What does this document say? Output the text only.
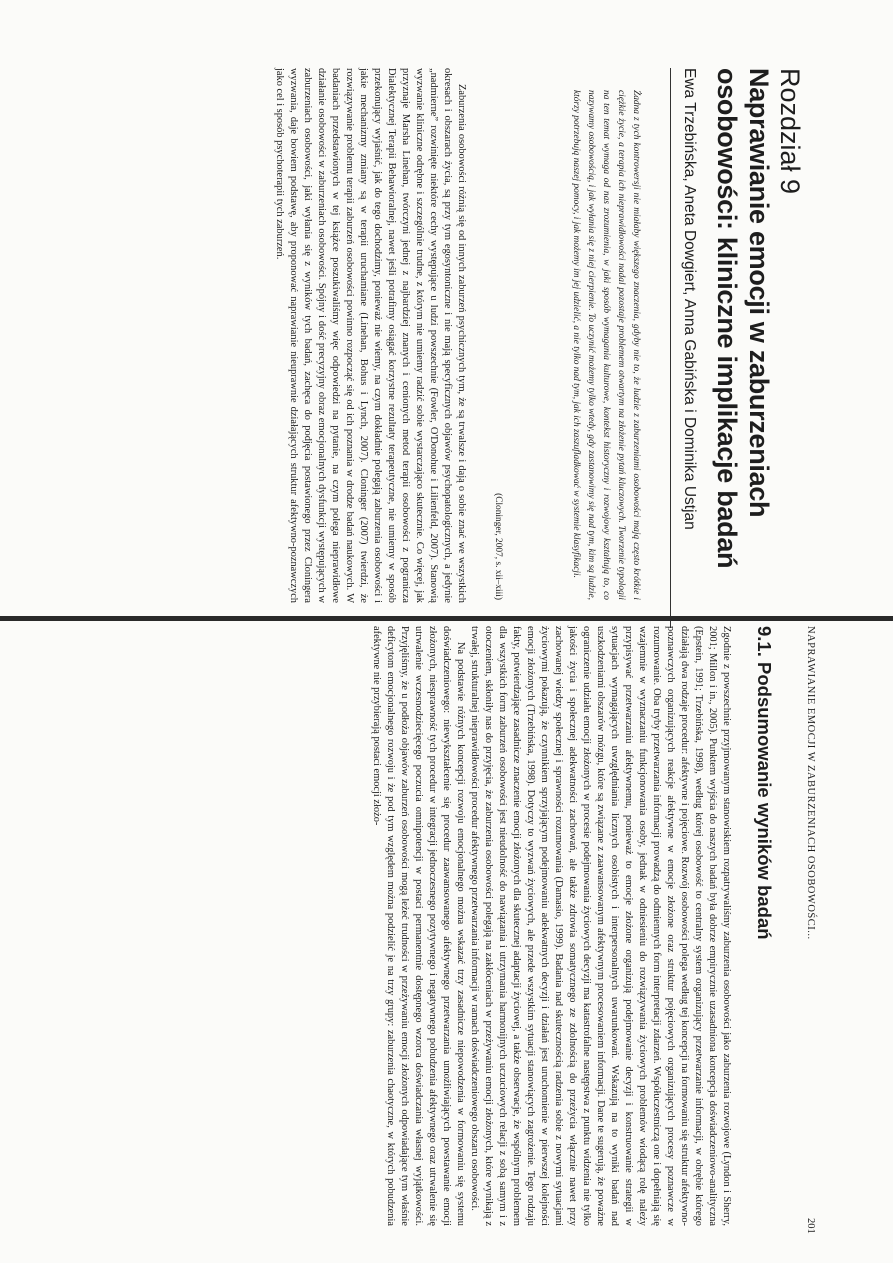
Rozdział 9
Naprawianie emocji w zaburzeniach osobowości: kliniczne implikacje badań

Ewa Trzebińska, Aneta Dowgiert, Anna Gabińska i Dominika Ustjan

Żadna z tych kontrowersji nie miałaby większego znaczenia, gdyby nie to, że ludzie z zaburzeniami osobowości mają często krótkie i ciężkie życie, a terapia ich nieprawidłowości nadal pozostaje problemem otwartym na złożenie pytań kluczowych. Tworzenie typologii na ten temat wymaga od nas zrozumienia, w jaki sposób wymagania kulturowe, kontekst historyczny i rozwojowy kształtują to, co nazywamy osobowością, i jak wyłania się z niej cierpienie. To uczynić możemy tylko wtedy, gdy zastanowimy się nad tym, kim są ludzie, którzy potrzebują naszej pomocy, i jak możemy im jej udzielić, a nie tylko nad tym, jak ich zaszufladkować w systemie klasyfikacji.

(Cloninger, 2007, s. xii–xiii)

Zaburzenia osobowości różnią się od innych zaburzeń psychicznych tym, że są trwalsze i dają o sobie znać we wszystkich okresach i obszarach życia, są przy tym egosyntoniczne i nie mają specyficznych objawów psychopatologicznych, a jedynie „nadmierne” rozwinięte niektóre cechy występujące u ludzi powszechnie (Fowler, O'Donohue i Lilienfeld, 2007). Stanowią wyzwanie kliniczne odrębne i szczególnie trudne, z którym nie umiemy radzić sobie wystarczająco skutecznie. Co więcej, jak przyznaje Marsha Linehan, twórczyni jednej z najbardziej znanych i cenionych metod terapii osobowości z pogranicza Dialektycznej Terapii Behawioralnej, nawet jeśli potrafimy osiągać korzystne rezultaty terapeutyczne, nie umiemy w sposób przekonujący wyjaśnić, jak do tego dochodzimy, ponieważ nie wiemy, na czym dokładnie polegają zaburzenia osobowości i jakie mechanizmy zmiany są w terapii uruchamiane (Linehan, Bohus i Lynch, 2007). Cloninger (2007) twierdzi, że rozwiązywanie problemu terapii zaburzeń osobowości powinno rozpocząć się od ich poznania w drodze badań naukowych. W badaniach przedstawionych w tej książce poszukiwaliśmy więc odpowiedzi na pytanie, na czym polega nieprawidłowe działanie osobowości w zaburzeniach osobowości. Spójny i dość precyzyjny obraz emocjonalnych dysfunkcji występujących w zaburzeniach osobowości, jaki wyłania się z wyników tych badań, zachęca do podjęcia postawionego przez Cloningera wyzwania, daje bowiem podstawę, aby proponować naprawianie nieuprawnie działających struktur afektywno-poznawczych jako cel i sposób psychoterapii tych zaburzeń.

NAPRAWIANIE EMOCJI W ZABURZENIACH OSOBOWOŚCI...

201

9.1. Podsumowanie wyników badań

Zgodnie z powszechnie przyjmowanym stanowiskiem rozpatrywaliśmy zaburzenia osobowości jako zaburzenia rozwojowe (Lyndon i Sherry, 2001; Millon i in., 2005). Punktem wyjścia do naszych badań była dobrze empirycznie uzasadniona koncepcja doświadczeniowo-analityczna (Epstein, 1991; Trzebińska, 1998), według której osobowość to centralny system organizujący przetwarzanie informacji, w obrębie którego działają dwa rodzaje procedur: afektywne i pojęciowe. Rozwój osobowości polega według tej koncepcji na formowaniu się struktur afektywno-poznawczych organizujących reakcje afektywne w emocje złożone oraz struktur pojęciowych organizujących procesy poznawcze w rozumowanie. Oba tryby przetwarzania informacji prowadzą do odmiennych form interpretacji zdarzeń. Współuczestniczą one i dopełniają się wzajemnie w wyznaczaniu funkcjonowania osoby, jednak w odniesieniu do rozwiązywania życiowych problemów wiodącą rolę należy przypisywać przetwarzaniu afektywnemu, ponieważ to emocje złożone organizują podejmowanie decyzji i konstruowanie strategii w sytuacjach wymagających uwzględniania licznych osobistych i interpersonalnych uwarunkowań. Wskazują na to wyniki badań nad uszkodzeniami obszarów mózgu, które są związane z zaawansowanym afektywnym procesowaniem informacji. Dane te sugerują, że poważne ograniczenie udziału emocji złożonych w procesie podejmowania życiowych decyzji ma katastrofalne następstwa z punktu widzenia nie tylko jakości życia i społecznej adekwatności zachowań, ale także zdrowia somatycznego ze zdolnością do przeżycia włącznie nawet przy zachowanej wiedzy społecznej i sprawności rozumowania (Damasio, 1999). Badania nad skutecznością radzenia sobie z nowymi sytuacjami życiowymi pokazują, że czynnikiem sprzyjającym podejmowaniu adekwatnych decyzji i działań jest uruchomienie w pierwszej kolejności emocji złożonych (Trzebińska, 1998). Dotyczy to wyzwań życiowych, ale przede wszystkim sytuacji stanowiących zagrożenie. Tego rodzaju fakty, potwierdzające zasadnicze znaczenie emocji złożonych dla skutecznej adaptacji życiowej, a także obserwacje, że wspólnym problemem dla wszystkich form zaburzeń osobowości jest nieudolność do nawiązania i utrzymania harmonijnych uczuciowych relacji z sobą samym i z otoczeniem, skłoniły nas do przyjęcia, że zaburzenia osobowości polegają na zakłóceniach w przeżywaniu emocji złożonych, które wynikają z trwałej, strukturalnej nieprawidłowości procedur afektywnego przetwarzania informacji w ramach doświadczeniowego obszaru osobowości.

Na podstawie różnych koncepcji rozwoju emocjonalnego można wskazać trzy zasadnicze niepowodzenia w formowaniu się systemu doświadczeniowego: niewykształcenie się procedur zaawansowanego afektywnego przetwarzania umożliwiających powstawanie emocji złożonych, niesprawność tych procedur w integracji jednoczesnego pozytywnego i negatywnego pobudzenia afektywnego oraz utrwalenie się utrwalenie wczesnodziecięcego poczucia omnipotencji w postaci permanentnie dostępnego wzorca doświadczania własnej wyjątkowości. Przyjęliśmy, że u podłoża objawów zaburzeń osobowości mogą leżeć trudności w przeżywaniu emocji złożonych odpowiadające tym właśnie deficytom emocjonalnego rozwoju i że pod tym względem można podzielić je na trzy grupy: zaburzenia chaotyczne, w których pobudzenia afektywne nie przybierają postaci emocji złożo-
